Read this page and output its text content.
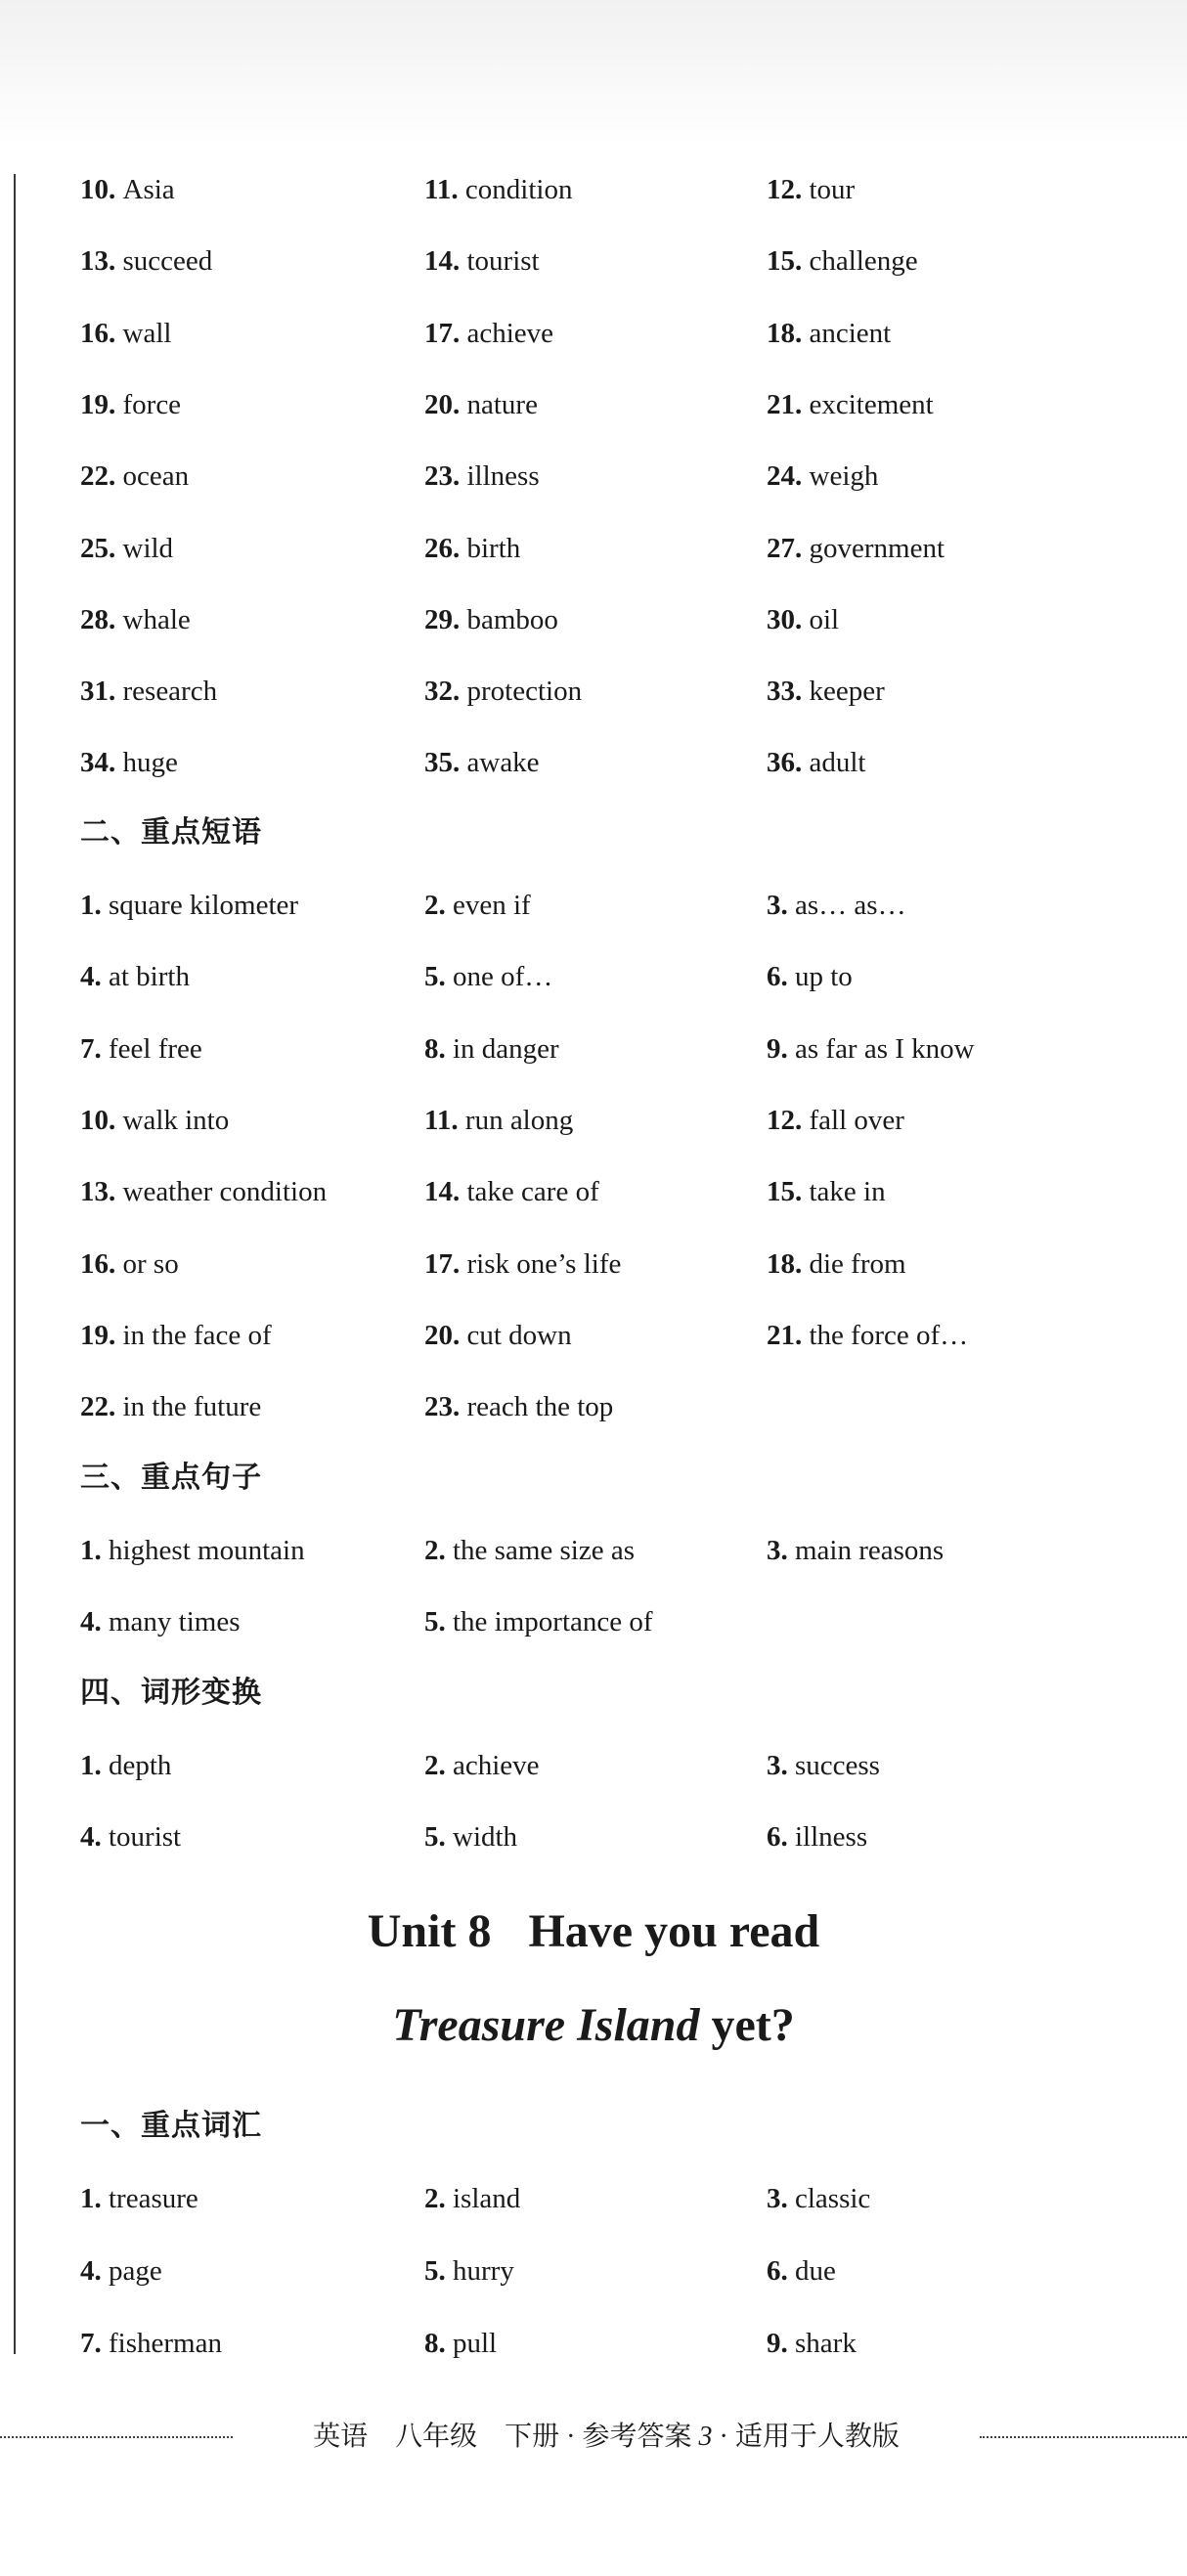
二、重点短语
三、重点句子
四、词形变换
Unit 8 Have you read
Treasure Island yet?
一、重点词汇
10. Asia	11. condition	12. tour
13. succeed	14. tourist	15. challenge
16. wall	17. achieve	18. ancient
19. force	20. nature	21. excitement
22. ocean	23. illness	24. weigh
25. wild	26. birth	27. government
28. whale	29. bamboo	30. oil
31. research	32. protection	33. keeper
34. huge	35. awake	36. adult
1. square kilometer	2. even if	3. as… as…
4. at birth	5. one of…	6. up to
7. feel free	8. in danger	9. as far as I know
10. walk into	11. run along	12. fall over
13. weather condition	14. take care of	15. take in
16. or so	17. risk one’s life	18. die from
19. in the face of	20. cut down	21. the force of…
22. in the future	23. reach the top
1. highest mountain	2. the same size as	3. main reasons
4. many times	5. the importance of
1. depth	2. achieve	3. success
4. tourist	5. width	6. illness
1. treasure	2. island	3. classic
4. page	5. hurry	6. due
7. fisherman	8. pull	9. shark
英语　八年级　下册 · 参考答案 3 · 适用于人教版
